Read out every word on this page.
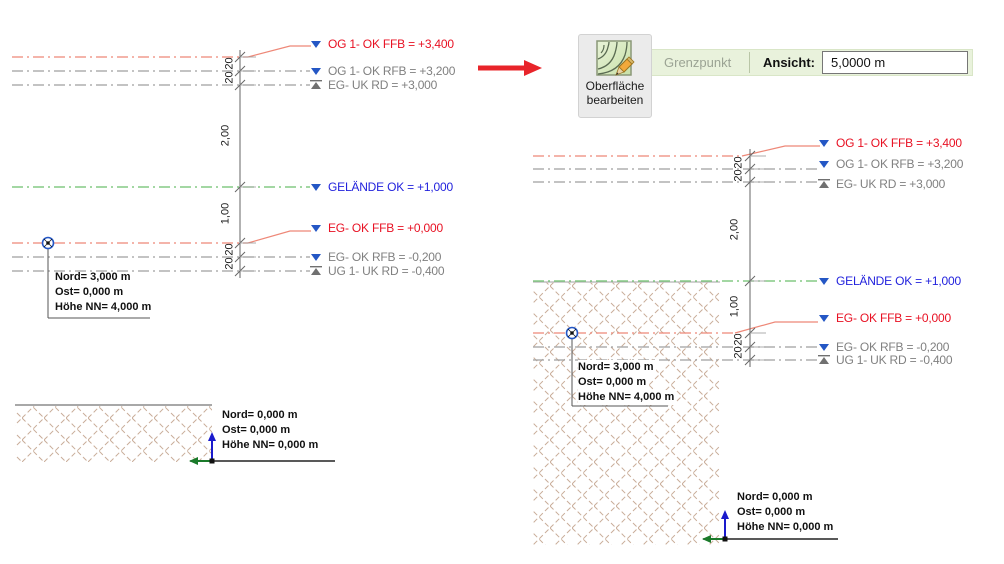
OG 1- OK FFB = +3,400
OG 1- OK RFB = +3,200
EG- UK RD = +3,000
GELÄNDE OK = +1,000
EG- OK FFB = +0,000
EG- OK RFB = -0,200
UG 1- UK RD = -0,400
20
20
2,00
1,00
20
20
Nord= 3,000 m
Ost= 0,000 m
Höhe NN= 4,000 m
Nord= 0,000 m
Ost= 0,000 m
Höhe NN= 0,000 m
OG 1- OK FFB = +3,400
OG 1- OK RFB = +3,200
EG- UK RD = +3,000
GELÄNDE OK = +1,000
EG- OK FFB = +0,000
EG- OK RFB = -0,200
UG 1- UK RD = -0,400
20
20
2,00
1,00
20
20
Nord= 3,000 m
Ost= 0,000 m
Höhe NN= 4,000 m
Nord= 0,000 m
Ost= 0,000 m
Höhe NN= 0,000 m
Oberfläche
bearbeiten
Grenzpunkt Ansicht:
5,0000 m
